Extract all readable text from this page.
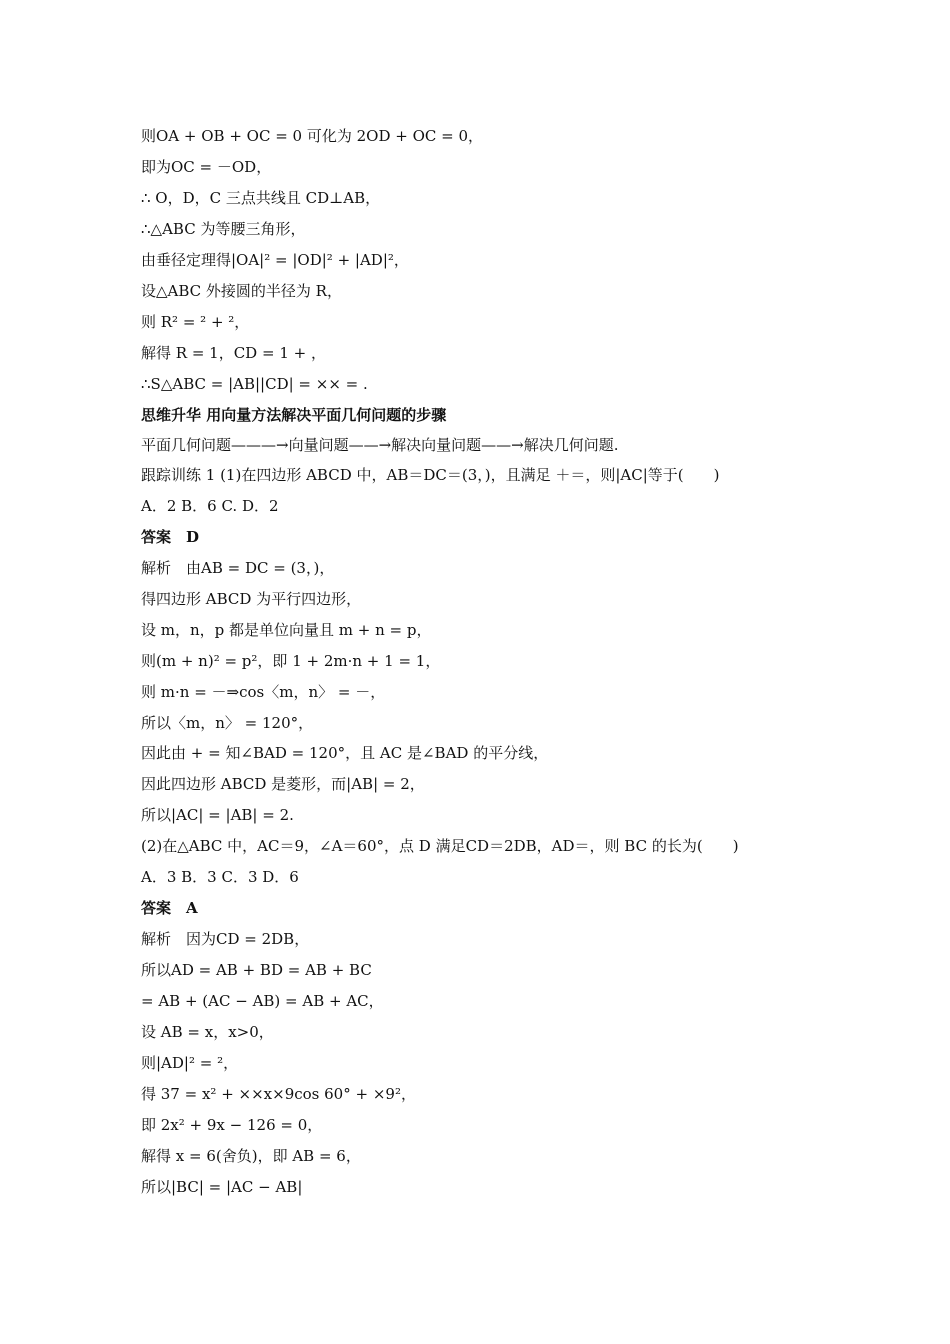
则OA + OB + OC = 0 可化为 2OD + OC = 0，
即为OC = －OD，
∴ O，D，C 三点共线且 CD⊥AB，
∴△ABC 为等腰三角形，
由垂径定理得|OA|² = |OD|² + |AD|²，
设△ABC 外接圆的半径为 R，
则 R² = ² + ²，
解得 R = 1，CD = 1 + ，
∴S△ABC = |AB||CD| = ×× = .
思维升华 用向量方法解决平面几何问题的步骤
平面几何问题———→向量问题——→解决向量问题——→解决几何问题.
跟踪训练 1 (1)在四边形 ABCD 中，AB＝DC＝(3，)，且满足 ＋＝，则|AC|等于(　　)
A．2 B．6 C. D．2
答案　D
解析　由AB = DC = (3，)，
得四边形 ABCD 为平行四边形，
设 m，n，p 都是单位向量且 m + n = p，
则(m + n)² = p²，即 1 + 2m·n + 1 = 1，
则 m·n = －⇒cos〈m，n〉 = －，
所以〈m，n〉 = 120°，
因此由 + = 知∠BAD = 120°，且 AC 是∠BAD 的平分线，
因此四边形 ABCD 是菱形，而|AB| = 2，
所以|AC| = |AB| = 2.
(2)在△ABC 中，AC＝9，∠A＝60°，点 D 满足CD＝2DB，AD＝，则 BC 的长为(　　)
A．3 B．3 C．3 D．6
答案　A
解析　因为CD = 2DB，
所以AD = AB + BD = AB + BC
= AB + (AC − AB) = AB + AC，
设 AB = x，x>0，
则|AD|² = ²，
得 37 = x² + ××x×9cos 60° + ×9²，
即 2x² + 9x − 126 = 0，
解得 x = 6(舍负)，即 AB = 6，
所以|BC| = |AC − AB|
